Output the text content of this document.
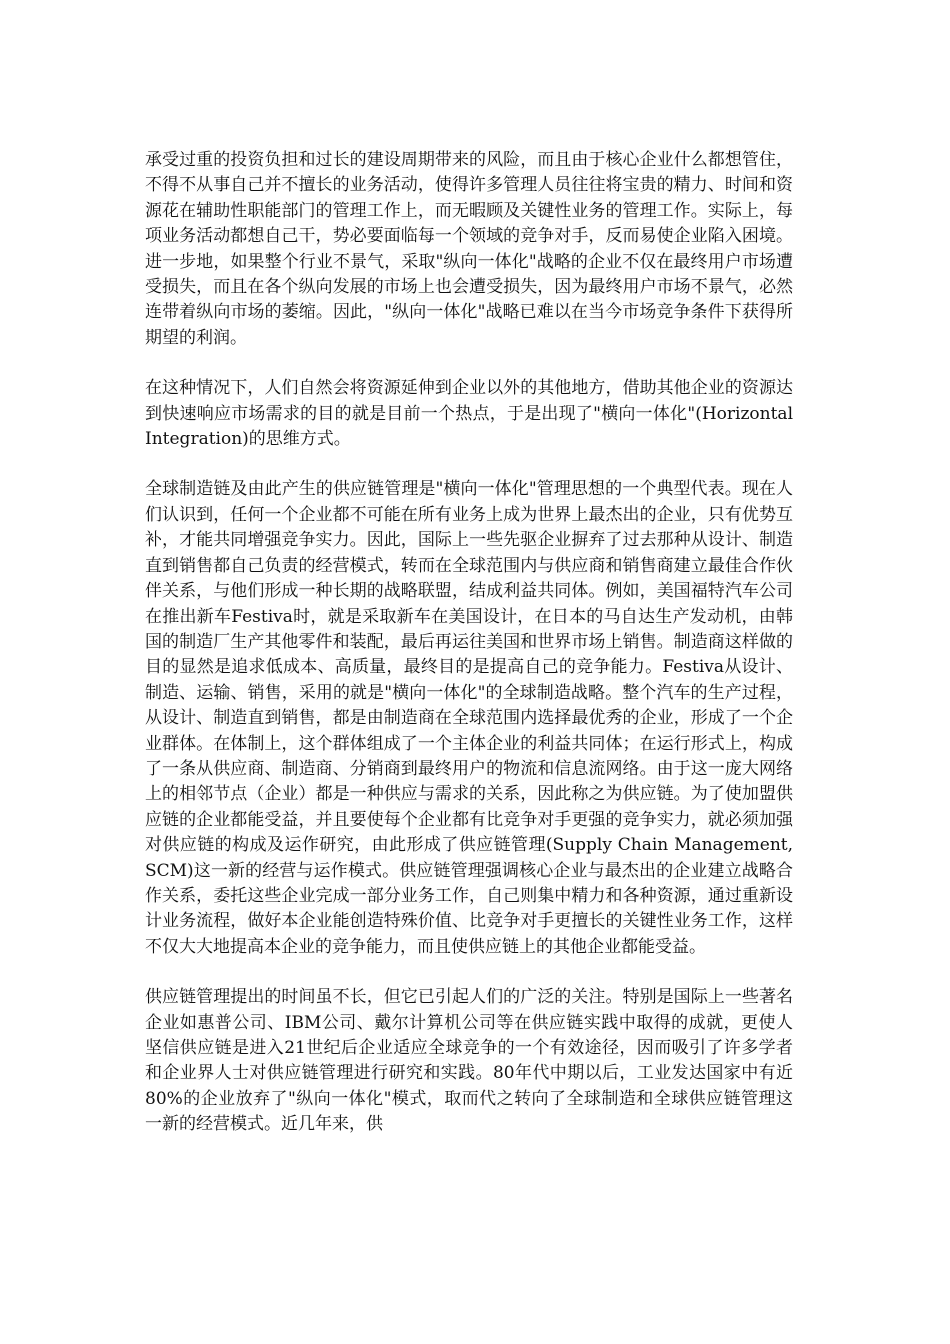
承受过重的投资负担和过长的建设周期带来的风险，而且由于核心企业什么都想管住，不得不从事自己并不擅长的业务活动，使得许多管理人员往往将宝贵的精力、时间和资源花在辅助性职能部门的管理工作上，而无暇顾及关键性业务的管理工作。实际上，每项业务活动都想自己干，势必要面临每一个领域的竞争对手，反而易使企业陷入困境。进一步地，如果整个行业不景气，采取"纵向一体化"战略的企业不仅在最终用户市场遭受损失，而且在各个纵向发展的市场上也会遭受损失，因为最终用户市场不景气，必然连带着纵向市场的萎缩。因此，"纵向一体化"战略已难以在当今市场竞争条件下获得所期望的利润。

在这种情况下，人们自然会将资源延伸到企业以外的其他地方，借助其他企业的资源达到快速响应市场需求的目的就是目前一个热点，于是出现了"横向一体化"(Horizontal Integration)的思维方式。

全球制造链及由此产生的供应链管理是"横向一体化"管理思想的一个典型代表。现在人们认识到，任何一个企业都不可能在所有业务上成为世界上最杰出的企业，只有优势互补，才能共同增强竞争实力。因此，国际上一些先驱企业摒弃了过去那种从设计、制造直到销售都自己负责的经营模式，转而在全球范围内与供应商和销售商建立最佳合作伙伴关系，与他们形成一种长期的战略联盟，结成利益共同体。例如，美国福特汽车公司在推出新车Festiva时，就是采取新车在美国设计，在日本的马自达生产发动机，由韩国的制造厂生产其他零件和装配，最后再运往美国和世界市场上销售。制造商这样做的目的显然是追求低成本、高质量，最终目的是提高自己的竞争能力。Festiva从设计、制造、运输、销售，采用的就是"横向一体化"的全球制造战略。整个汽车的生产过程，从设计、制造直到销售，都是由制造商在全球范围内选择最优秀的企业，形成了一个企业群体。在体制上，这个群体组成了一个主体企业的利益共同体；在运行形式上，构成了一条从供应商、制造商、分销商到最终用户的物流和信息流网络。由于这一庞大网络上的相邻节点（企业）都是一种供应与需求的关系，因此称之为供应链。为了使加盟供应链的企业都能受益，并且要使每个企业都有比竞争对手更强的竞争实力，就必须加强对供应链的构成及运作研究，由此形成了供应链管理(Supply Chain Management, SCM)这一新的经营与运作模式。供应链管理强调核心企业与最杰出的企业建立战略合作关系，委托这些企业完成一部分业务工作，自己则集中精力和各种资源，通过重新设计业务流程，做好本企业能创造特殊价值、比竞争对手更擅长的关键性业务工作，这样不仅大大地提高本企业的竞争能力，而且使供应链上的其他企业都能受益。

供应链管理提出的时间虽不长，但它已引起人们的广泛的关注。特别是国际上一些著名企业如惠普公司、IBM公司、戴尔计算机公司等在供应链实践中取得的成就，更使人坚信供应链是进入21世纪后企业适应全球竞争的一个有效途径，因而吸引了许多学者和企业界人士对供应链管理进行研究和实践。80年代中期以后，工业发达国家中有近80%的企业放弃了"纵向一体化"模式，取而代之转向了全球制造和全球供应链管理这一新的经营模式。近几年来，供
